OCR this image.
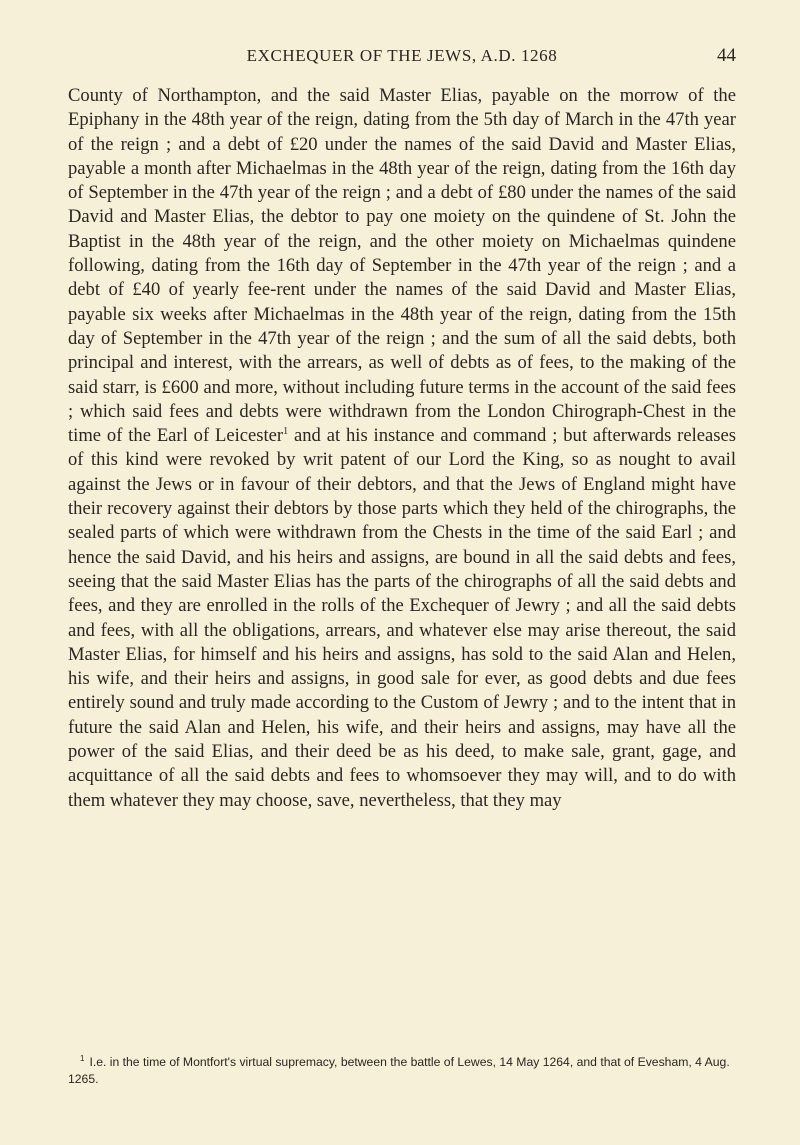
EXCHEQUER OF THE JEWS, A.D. 1268	44

County of Northampton, and the said Master Elias, payable on the morrow of the Epiphany in the 48th year of the reign, dating from the 5th day of March in the 47th year of the reign ; and a debt of £20 under the names of the said David and Master Elias, payable a month after Michaelmas in the 48th year of the reign, dating from the 16th day of September in the 47th year of the reign ; and a debt of £80 under the names of the said David and Master Elias, the debtor to pay one moiety on the quindene of St. John the Baptist in the 48th year of the reign, and the other moiety on Michaelmas quindene following, dating from the 16th day of September in the 47th year of the reign ; and a debt of £40 of yearly fee-rent under the names of the said David and Master Elias, payable six weeks after Michaelmas in the 48th year of the reign, dating from the 15th day of September in the 47th year of the reign ; and the sum of all the said debts, both principal and interest, with the arrears, as well of debts as of fees, to the making of the said starr, is £600 and more, without including future terms in the account of the said fees ; which said fees and debts were withdrawn from the London Chirograph-Chest in the time of the Earl of Leicester$^1$ and at his instance and command ; but afterwards releases of this kind were revoked by writ patent of our Lord the King, so as nought to avail against the Jews or in favour of their debtors, and that the Jews of England might have their recovery against their debtors by those parts which they held of the chirographs, the sealed parts of which were withdrawn from the Chests in the time of the said Earl ; and hence the said David, and his heirs and assigns, are bound in all the said debts and fees, seeing that the said Master Elias has the parts of the chirographs of all the said debts and fees, and they are enrolled in the rolls of the Exchequer of Jewry ; and all the said debts and fees, with all the obligations, arrears, and whatever else may arise thereout, the said Master Elias, for himself and his heirs and assigns, has sold to the said Alan and Helen, his wife, and their heirs and assigns, in good sale for ever, as good debts and due fees entirely sound and truly made according to the Custom of Jewry ; and to the intent that in future the said Alan and Helen, his wife, and their heirs and assigns, may have all the power of the said Elias, and their deed be as his deed, to make sale, grant, gage, and acquittance of all the said debts and fees to whomsoever they may will, and to do with them whatever they may choose, save, nevertheless, that they may

$^1$ I.e. in the time of Montfort's virtual supremacy, between the battle of Lewes, 14 May 1264, and that of Evesham, 4 Aug. 1265.
